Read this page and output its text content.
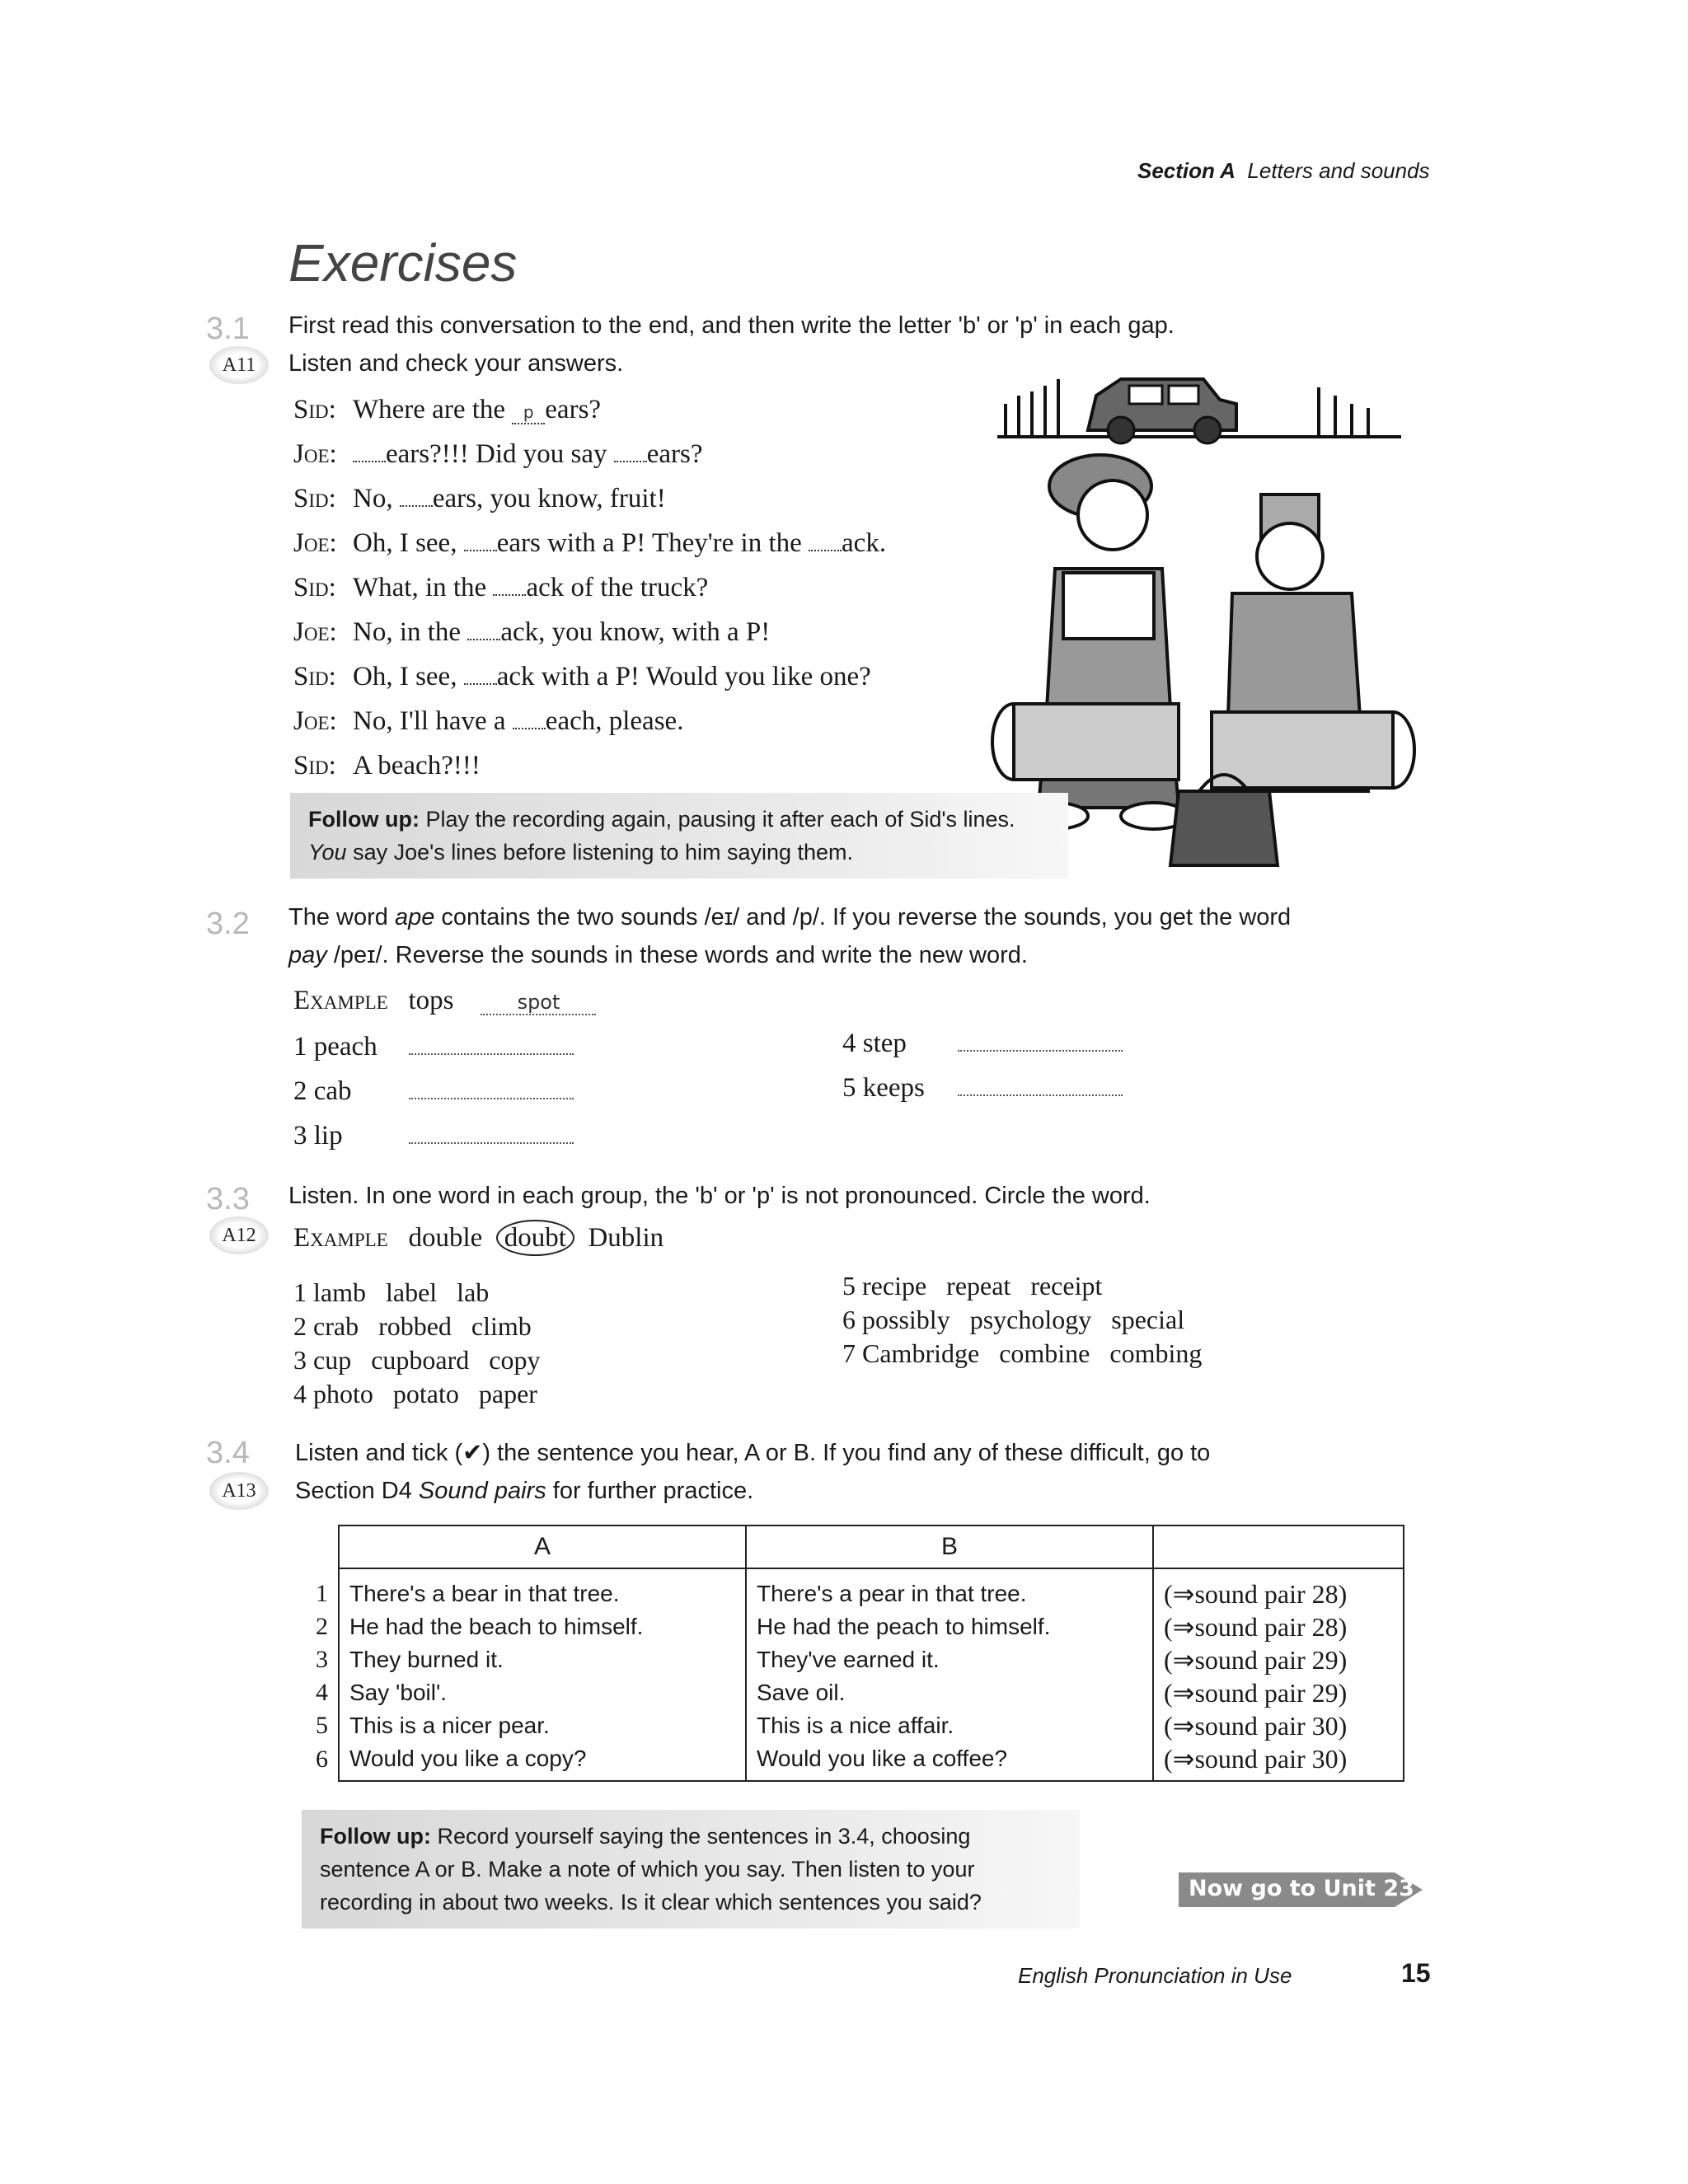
Section A Letters and sounds
Exercises
3.1
A11
First read this conversation to the end, and then write the letter 'b' or 'p' in each gap.
Listen and check your answers.
Sid: Where are the p ears?
Joe: ears?!!! Did you say ears?
Sid: No, ears, you know, fruit!
Joe: Oh, I see, ears with a P! They're in the ack.
Sid: What, in the ack of the truck?
Joe: No, in the ack, you know, with a P!
Sid: Oh, I see, ack with a P! Would you like one?
Joe: No, I'll have a each, please.
Sid: A beach?!!!
Follow up: Play the recording again, pausing it after each of Sid's lines.
You say Joe's lines before listening to him saying them.
3.2 The word ape contains the two sounds /eɪ/ and /p/. If you reverse the sounds, you get the word
pay /peɪ/. Reverse the sounds in these words and write the new word.
Example tops	spot
1 peach
2 cab
3 lip
4 step
5 keeps
3.3
A12
Listen. In one word in each group, the 'b' or 'p' is not pronounced. Circle the word.
Example double doubt Dublin
1 lamb label lab
2 crab robbed climb
3 cup cupboard copy
4 photo potato paper
5 recipe repeat receipt
6 possibly psychology special
7 Cambridge combine combing
3.4
A13
Listen and tick (✔) the sentence you hear, A or B. If you find any of these difficult, go to
Section D4 Sound pairs for further practice.
	A	B	
1	There's a bear in that tree.	There's a pear in that tree.	(⇒sound pair 28)
2	He had the beach to himself.	He had the peach to himself.	(⇒sound pair 28)
3	They burned it.	They've earned it.	(⇒sound pair 29)
4	Say 'boil'.	Save oil.	(⇒sound pair 29)
5	This is a nicer pear.	This is a nice affair.	(⇒sound pair 30)
6	Would you like a copy?	Would you like a coffee?	(⇒sound pair 30)
Follow up: Record yourself saying the sentences in 3.4, choosing
sentence A or B. Make a note of which you say. Then listen to your
recording in about two weeks. Is it clear which sentences you said?
Now go to Unit 23
English Pronunciation in Use	15
